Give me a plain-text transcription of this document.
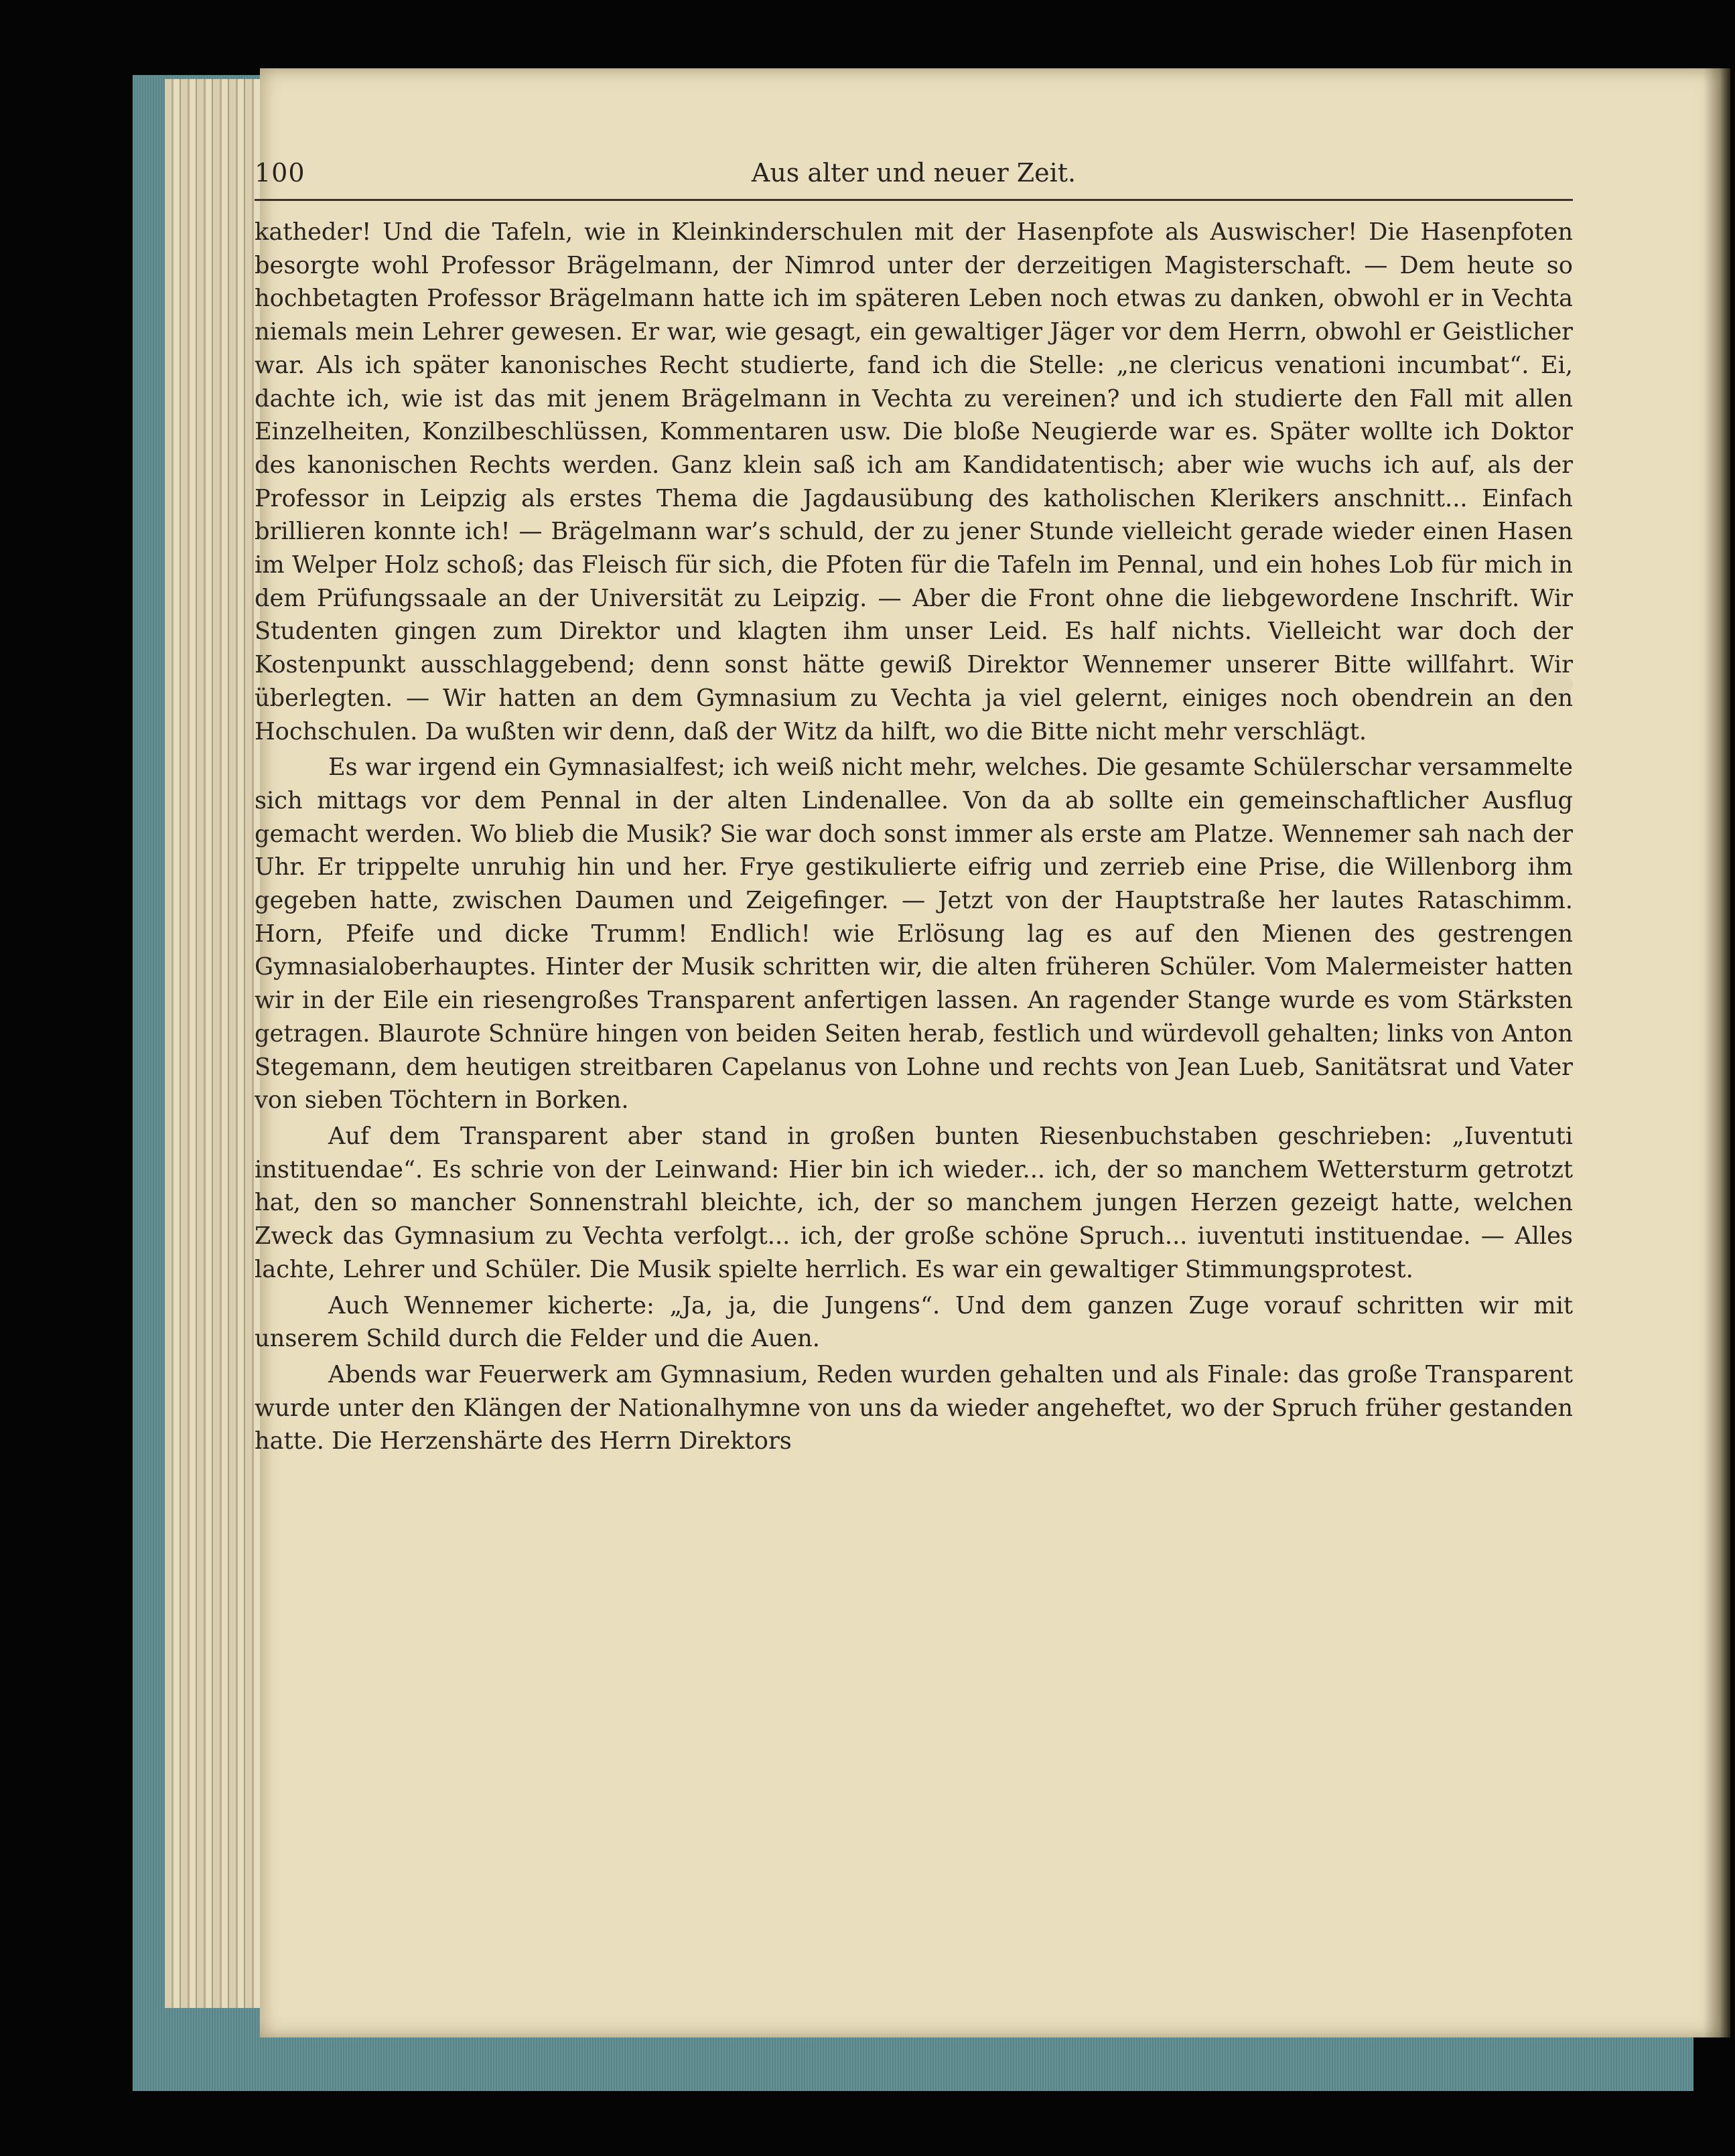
100	Aus alter und neuer Zeit.

katheder! Und die Tafeln, wie in Kleinkinderschulen mit der Hasenpfote als Auswischer! Die Hasenpfoten besorgte wohl Professor Brägelmann, der Nimrod unter der derzeitigen Magisterschaft. — Dem heute so hochbetagten Professor Brägelmann hatte ich im späteren Leben noch etwas zu danken, obwohl er in Vechta niemals mein Lehrer gewesen. Er war, wie gesagt, ein gewaltiger Jäger vor dem Herrn, obwohl er Geistlicher war. Als ich später kanonisches Recht studierte, fand ich die Stelle: „ne clericus venationi incumbat“. Ei, dachte ich, wie ist das mit jenem Brägelmann in Vechta zu vereinen? und ich studierte den Fall mit allen Einzelheiten, Konzilbeschlüssen, Kommentaren usw. Die bloße Neugierde war es. Später wollte ich Doktor des kanonischen Rechts werden. Ganz klein saß ich am Kandidatentisch; aber wie wuchs ich auf, als der Professor in Leipzig als erstes Thema die Jagdausübung des katholischen Klerikers anschnitt... Einfach brillieren konnte ich! — Brägelmann war’s schuld, der zu jener Stunde vielleicht gerade wieder einen Hasen im Welper Holz schoß; das Fleisch für sich, die Pfoten für die Tafeln im Pennal, und ein hohes Lob für mich in dem Prüfungssaale an der Universität zu Leipzig. — Aber die Front ohne die liebgewordene Inschrift. Wir Studenten gingen zum Direktor und klagten ihm unser Leid. Es half nichts. Vielleicht war doch der Kostenpunkt ausschlaggebend; denn sonst hätte gewiß Direktor Wennemer unserer Bitte willfahrt. Wir überlegten. — Wir hatten an dem Gymnasium zu Vechta ja viel gelernt, einiges noch obendrein an den Hochschulen. Da wußten wir denn, daß der Witz da hilft, wo die Bitte nicht mehr verschlägt.

Es war irgend ein Gymnasialfest; ich weiß nicht mehr, welches. Die gesamte Schülerschar versammelte sich mittags vor dem Pennal in der alten Lindenallee. Von da ab sollte ein gemeinschaftlicher Ausflug gemacht werden. Wo blieb die Musik? Sie war doch sonst immer als erste am Platze. Wennemer sah nach der Uhr. Er trippelte unruhig hin und her. Frye gestikulierte eifrig und zerrieb eine Prise, die Willenborg ihm gegeben hatte, zwischen Daumen und Zeigefinger. — Jetzt von der Hauptstraße her lautes Rataschimm. Horn, Pfeife und dicke Trumm! Endlich! wie Erlösung lag es auf den Mienen des gestrengen Gymnasialoberhauptes. Hinter der Musik schritten wir, die alten früheren Schüler. Vom Malermeister hatten wir in der Eile ein riesengroßes Transparent anfertigen lassen. An ragender Stange wurde es vom Stärksten getragen. Blaurote Schnüre hingen von beiden Seiten herab, festlich und würdevoll gehalten; links von Anton Stegemann, dem heutigen streitbaren Capelanus von Lohne und rechts von Jean Lueb, Sanitätsrat und Vater von sieben Töchtern in Borken.

Auf dem Transparent aber stand in großen bunten Riesenbuchstaben geschrieben: „Iuventuti instituendae“. Es schrie von der Leinwand: Hier bin ich wieder... ich, der so manchem Wettersturm getrotzt hat, den so mancher Sonnenstrahl bleichte, ich, der so manchem jungen Herzen gezeigt hatte, welchen Zweck das Gymnasium zu Vechta verfolgt... ich, der große schöne Spruch... iuventuti instituendae. — Alles lachte, Lehrer und Schüler. Die Musik spielte herrlich. Es war ein gewaltiger Stimmungsprotest.

Auch Wennemer kicherte: „Ja, ja, die Jungens“. Und dem ganzen Zuge vorauf schritten wir mit unserem Schild durch die Felder und die Auen.

Abends war Feuerwerk am Gymnasium, Reden wurden gehalten und als Finale: das große Transparent wurde unter den Klängen der Nationalhymne von uns da wieder angeheftet, wo der Spruch früher gestanden hatte. Die Herzenshärte des Herrn Direktors
